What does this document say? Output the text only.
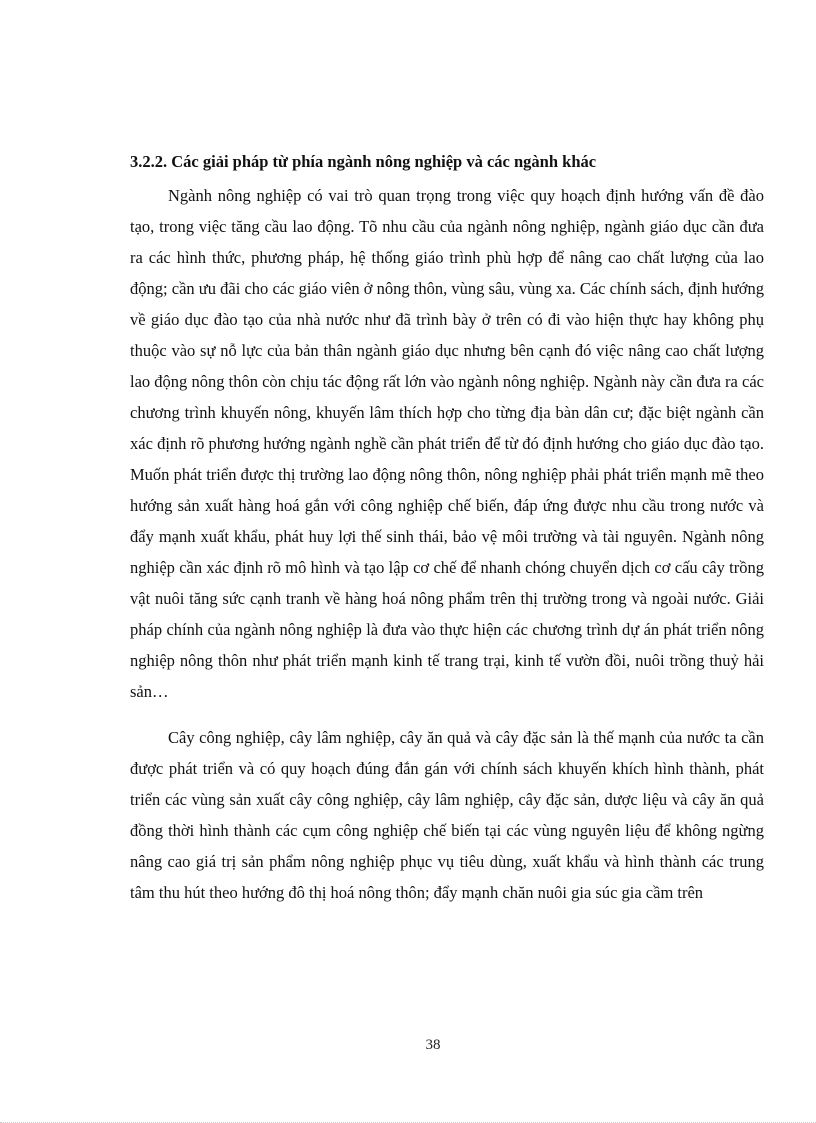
3.2.2. Các giải pháp từ phía ngành nông nghiệp và các ngành khác

Ngành nông nghiệp có vai trò quan trọng trong việc quy hoạch định hướng vấn đề đào tạo, trong việc tăng cầu lao động. Tõ nhu cầu của ngành nông nghiệp, ngành giáo dục cần đưa ra các hình thức, phương pháp, hệ thống giáo trình phù hợp để nâng cao chất lượng của lao động; cần ưu đãi cho các giáo viên ở nông thôn, vùng sâu, vùng xa. Các chính sách, định hướng về giáo dục đào tạo của nhà nước như đã trình bày ở trên có đi vào hiện thực hay không phụ thuộc vào sự nỗ lực của bản thân ngành giáo dục nhưng bên cạnh đó việc nâng cao chất lượng lao động nông thôn còn chịu tác động rất lớn vào ngành nông nghiệp. Ngành này cần đưa ra các chương trình khuyến nông, khuyến lâm thích hợp cho từng địa bàn dân cư; đặc biệt ngành cần xác định rõ phương hướng ngành nghề cần phát triển để từ đó định hướng cho giáo dục đào tạo. Muốn phát triển được thị trường lao động nông thôn, nông nghiệp phải phát triển mạnh mẽ theo hướng sản xuất hàng hoá gắn với công nghiệp chế biến, đáp ứng được nhu cầu trong nước và đẩy mạnh xuất khẩu, phát huy lợi thế sinh thái, bảo vệ môi trường và tài nguyên. Ngành nông nghiệp cần xác định rõ mô hình và tạo lập cơ chế để nhanh chóng chuyển dịch cơ cấu cây trồng vật nuôi tăng sức cạnh tranh về hàng hoá nông phẩm trên thị trường trong và ngoài nước. Giải pháp chính của ngành nông nghiệp là đưa vào thực hiện các chương trình dự án phát triển nông nghiệp nông thôn như phát triển mạnh kinh tế trang trại, kinh tế vườn đồi, nuôi trồng thuỷ hải sản…

Cây công nghiệp, cây lâm nghiệp, cây ăn quả và cây đặc sản là thế mạnh của nước ta cần được phát triển và có quy hoạch đúng đắn gán với chính sách khuyến khích hình thành, phát triển các vùng sản xuất cây công nghiệp, cây lâm nghiệp, cây đặc sản, dược liệu và cây ăn quả đồng thời hình thành các cụm công nghiệp chế biến tại các vùng nguyên liệu để không ngừng nâng cao giá trị sản phẩm nông nghiệp phục vụ tiêu dùng, xuất khẩu và hình thành các trung tâm thu hút theo hướng đô thị hoá nông thôn; đẩy mạnh chăn nuôi gia súc gia cầm trên

38
